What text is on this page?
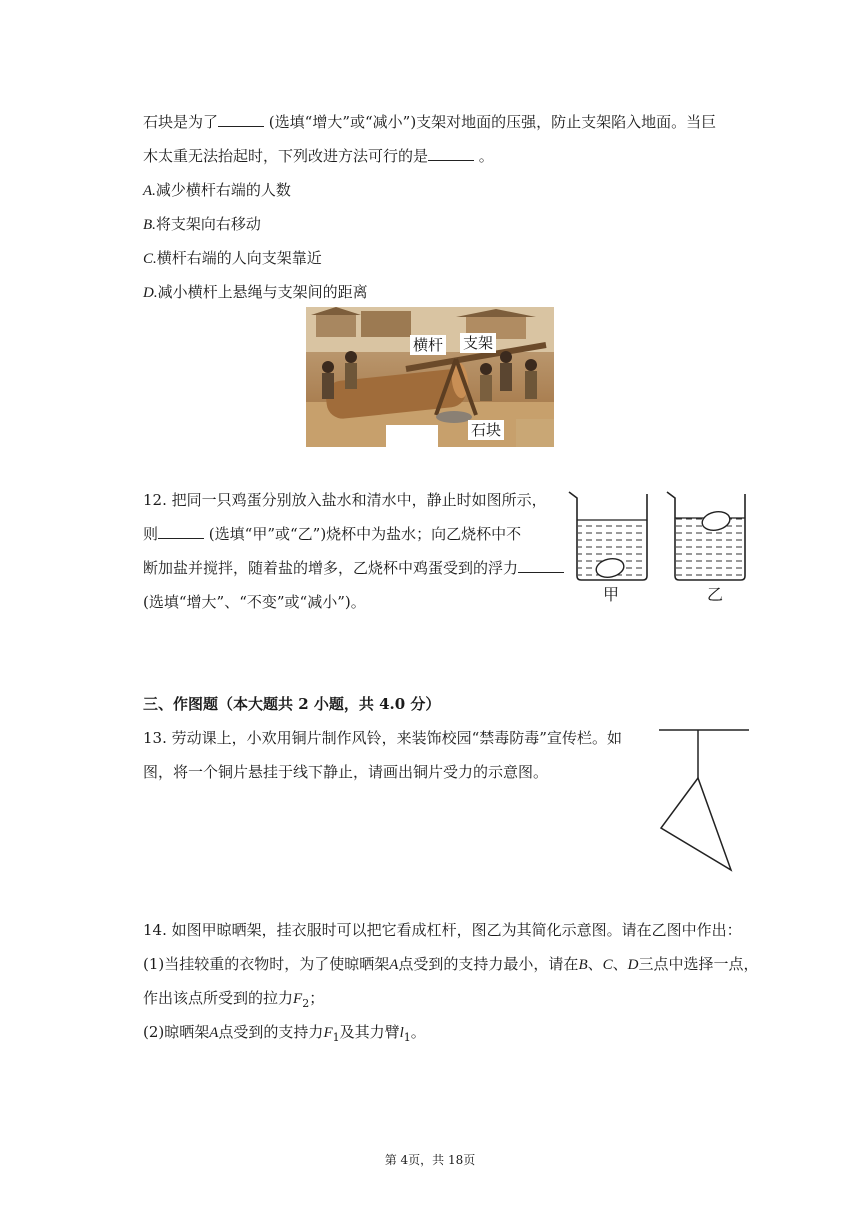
石块是为了	(选填“增大”或“减小”)支架对地面的压强，防止支架陷入地面。当巨
木太重无法抬起时，下列改进方法可行的是	。
A.减少横杆右端的人数
B.将支架向右移动
C.横杆右端的人向支架靠近
D.减小横杆上悬绳与支架间的距离
横杆 支架
石块
12. 把同一只鸡蛋分别放入盐水和清水中，静止时如图所示，
则	(选填“甲”或“乙”)烧杯中为盐水；向乙烧杯中不
断加盐并搅拌，随着盐的增多，乙烧杯中鸡蛋受到的浮力
(选填“增大”、“不变”或“减小”)。	甲	乙
三、作图题（本大题共 2 小题，共 4.0 分）
13. 劳动课上，小欢用铜片制作风铃，来装饰校园“禁毒防毒”宣传栏。如
图，将一个铜片悬挂于线下静止，请画出铜片受力的示意图。
14. 如图甲晾晒架，挂衣服时可以把它看成杠杆，图乙为其简化示意图。请在乙图中作出：
(1)当挂较重的衣物时，为了使晾晒架A点受到的支持力最小，请在B、C、D三点中选择一点，
作出该点所受到的拉力$F_2$；
(2)晾晒架A点受到的支持力$F_1$及其力臂$l_1$。
第 4页，共 18页
